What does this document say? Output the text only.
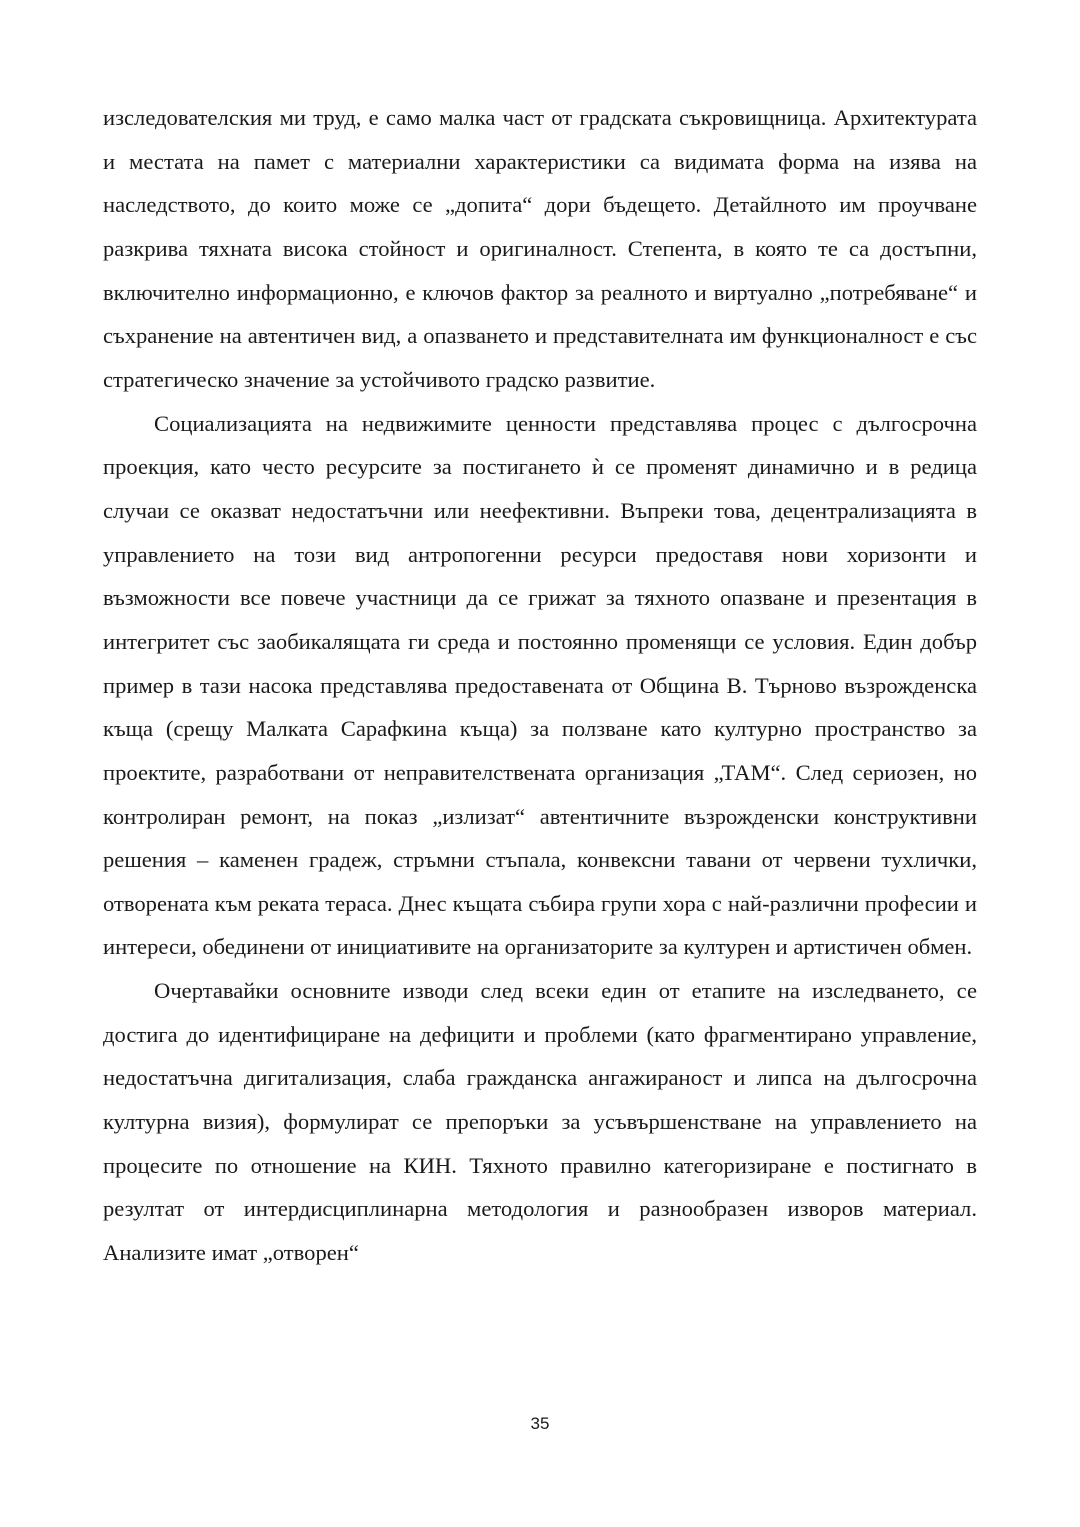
изследователския ми труд, е само малка част от градската съкровищница. Архитектурата и местата на памет с материални характеристики са видимата форма на изява на наследството, до които може се „допита“ дори бъдещето. Детайлното им проучване разкрива тяхната висока стойност и оригиналност. Степента, в която те са достъпни, включително информационно, е ключов фактор за реалното и виртуално „потребяване“ и съхранение на автентичен вид, а опазването и представителната им функционалност е със стратегическо значение за устойчивото градско развитие.

Социализацията на недвижимите ценности представлява процес с дългосрочна проекция, като често ресурсите за постигането ѝ се променят динамично и в редица случаи се оказват недостатъчни или неефективни. Въпреки това, децентрализацията в управлението на този вид антропогенни ресурси предоставя нови хоризонти и възможности все повече участници да се грижат за тяхното опазване и презентация в интегритет със заобикалящата ги среда и постоянно променящи се условия. Един добър пример в тази насока представлява предоставената от Община В. Търново възрожденска къща (срещу Малката Сарафкина къща) за ползване като културно пространство за проектите, разработвани от неправителствената организация „ТАМ“. След сериозен, но контролиран ремонт, на показ „излизат“ автентичните възрожденски конструктивни решения – каменен градеж, стръмни стъпала, конвексни тавани от червени тухлички, отворената към реката тераса. Днес къщата събира групи хора с най-различни професии и интереси, обединени от инициативите на организаторите за културен и артистичен обмен.

Очертавайки основните изводи след всеки един от етапите на изследването, се достига до идентифициране на дефицити и проблеми (като фрагментирано управление, недостатъчна дигитализация, слаба гражданска ангажираност и липса на дългосрочна културна визия), формулират се препоръки за усъвършенстване на управлението на процесите по отношение на КИН. Тяхното правилно категоризиране е постигнато в резултат от интердисциплинарна методология и разнообразен изворов материал. Анализите имат „отворен“

35
